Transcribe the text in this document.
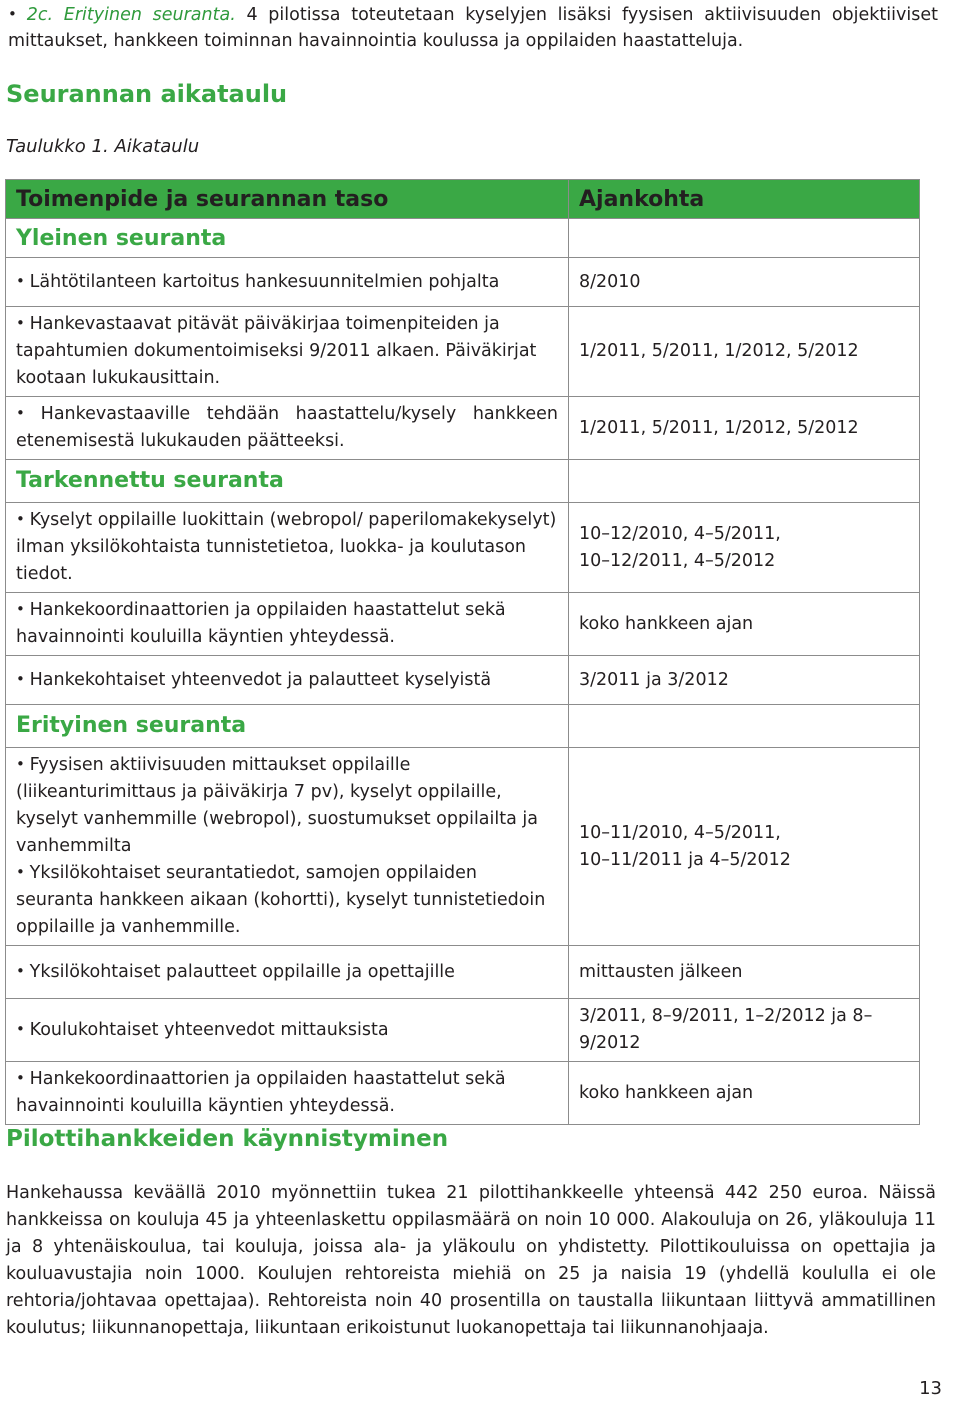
• 2c. Erityinen seuranta. 4 pilotissa toteutetaan kyselyjen lisäksi fyysisen aktiivisuuden objektiiviset mittaukset, hankkeen toiminnan havainnointia koulussa ja oppilaiden haastatteluja.
Seurannan aikataulu
Taulukko 1. Aikataulu
Toimenpide ja seurannan taso	Ajankohta
Yleinen seuranta	

• Lähtötilanteen kartoitus hankesuunnitelmien pohjalta	8/2010

• Hankevastaavat pitävät päiväkirjaa toimenpiteiden ja tapahtumien dokumentoimiseksi 9/2011 alkaen. Päiväkirjat kootaan lukukausittain.	1/2011, 5/2011, 1/2012, 5/2012

• Hankevastaaville tehdään haastattelu/kysely hankkeen etenemisestä lukukauden päätteeksi.	1/2011, 5/2011, 1/2012, 5/2012
Tarkennettu seuranta	

• Kyselyt oppilaille luokittain (webropol/ paperilomakekyselyt) ilman yksilökohtaista tunnistetietoa, luokka- ja koulutason tiedot.	10–12/2010, 4–5/2011,
10–12/2011, 4–5/2012

• Hankekoordinaattorien ja oppilaiden haastattelut sekä havainnointi kouluilla käyntien yhteydessä.	koko hankkeen ajan

• Hankekohtaiset yhteenvedot ja palautteet kyselyistä	3/2011 ja 3/2012
Erityinen seuranta	

• Fyysisen aktiivisuuden mittaukset oppilaille (liikeanturimittaus ja päiväkirja 7 pv), kyselyt oppilaille, kyselyt vanhemmille (webropol), suostumukset oppilailta ja vanhemmilta
• Yksilökohtaiset seurantatiedot, samojen oppilaiden seuranta hankkeen aikaan (kohortti), kyselyt tunnistetiedoin oppilaille ja vanhemmille.	10–11/2010, 4–5/2011,
10–11/2011 ja 4–5/2012

• Yksilökohtaiset palautteet oppilaille ja opettajille	mittausten jälkeen

• Koulukohtaiset yhteenvedot mittauksista	3/2011, 8–9/2011, 1–2/2012 ja 8–9/2012

• Hankekoordinaattorien ja oppilaiden haastattelut sekä havainnointi kouluilla käyntien yhteydessä.	koko hankkeen ajan
Pilottihankkeiden käynnistyminen
Hankehaussa keväällä 2010 myönnettiin tukea 21 pilottihankkeelle yhteensä 442 250 euroa. Näissä hankkeissa on kouluja 45 ja yhteenlaskettu oppilasmäärä on noin 10 000. Alakouluja on 26, yläkouluja 11 ja 8 yhtenäiskoulua, tai kouluja, joissa ala- ja yläkoulu on yhdistetty. Pilottikouluissa on opettajia ja kouluavustajia noin 1000. Koulujen rehtoreista miehiä on 25 ja naisia 19 (yhdellä koululla ei ole rehtoria/johtavaa opettajaa). Rehtoreista noin 40 prosentilla on taustalla liikuntaan liittyvä ammatillinen koulutus; liikunnanopettaja, liikuntaan erikoistunut luokanopettaja tai liikunnanohjaaja.
13
